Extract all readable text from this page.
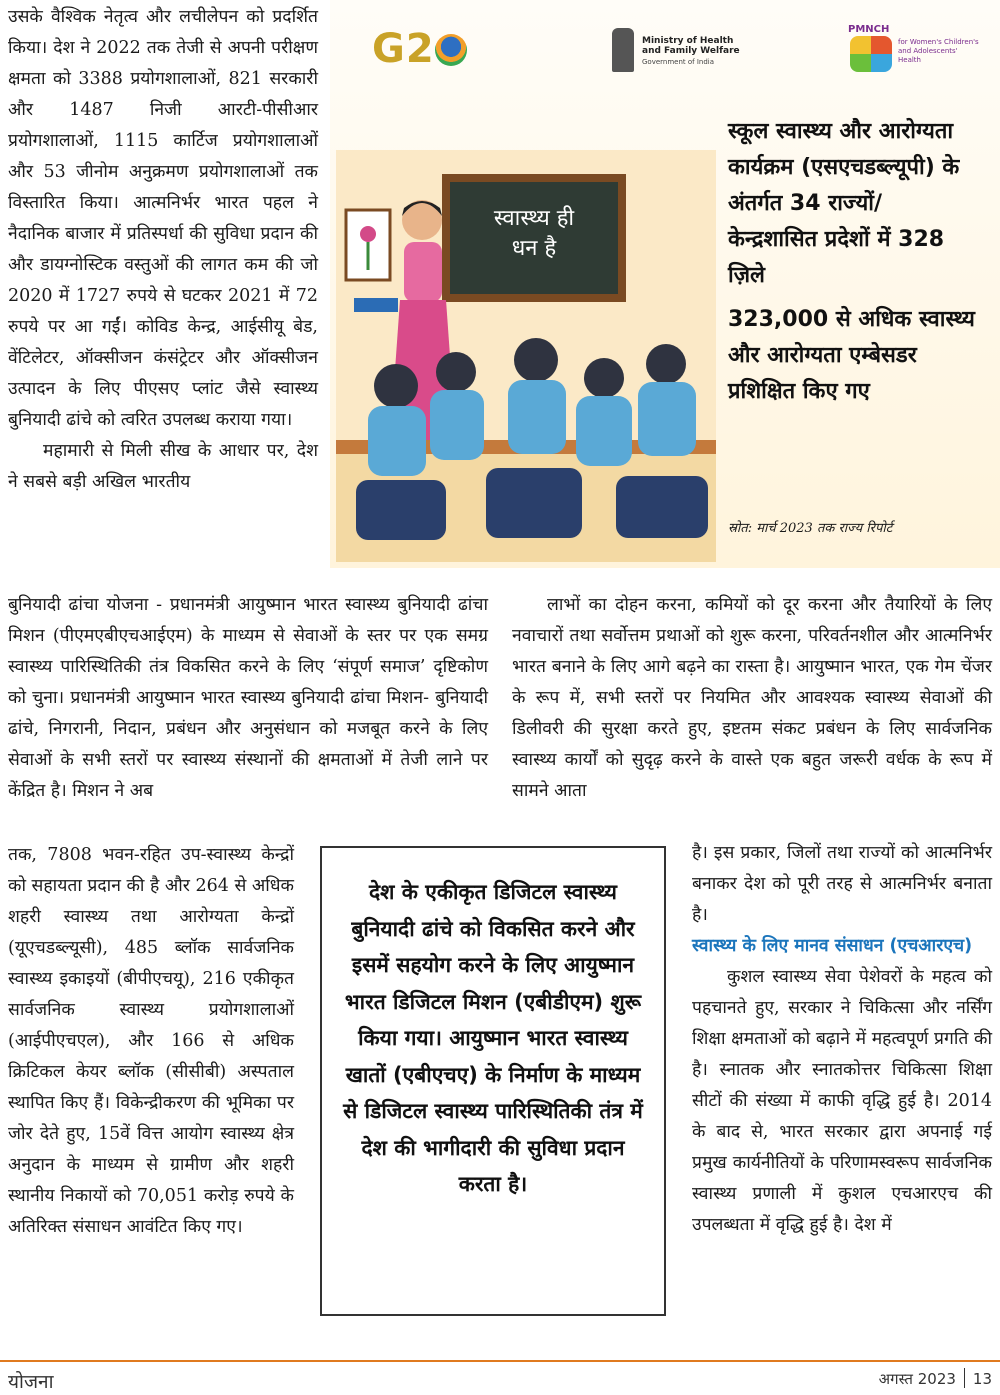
उसके वैश्विक नेतृत्व और लचीलेपन को प्रदर्शित किया। देश ने 2022 तक तेजी से अपनी परीक्षण क्षमता को 3388 प्रयोगशालाओं, 821 सरकारी और 1487 निजी आरटी-पीसीआर प्रयोगशालाओं, 1115 कार्टिज प्रयोगशालाओं और 53 जीनोम अनुक्रमण प्रयोगशालाओं तक विस्तारित किया। आत्मनिर्भर भारत पहल ने नैदानिक बाजार में प्रतिस्पर्धा की सुविधा प्रदान की और डायग्नोस्टिक वस्तुओं की लागत कम की जो 2020 में 1727 रुपये से घटकर 2021 में 72 रुपये पर आ गईं। कोविड केन्द्र, आईसीयू बेड, वेंटिलेटर, ऑक्सीजन कंसंट्रेटर और ऑक्सीजन उत्पादन के लिए पीएसए प्लांट जैसे स्वास्थ्य बुनियादी ढांचे को त्वरित उपलब्ध कराया गया।

महामारी से मिली सीख के आधार पर, देश ने सबसे बड़ी अखिल भारतीय

G2	Ministry of Health and Family Welfare
Government of India
PMNCH
for Women's Children's and Adolescents' Health
स्वास्थ्य ही
धन है

स्कूल स्वास्थ्य और आरोग्यता कार्यक्रम (एसएचडब्ल्यूपी) के अंतर्गत 34 राज्यों/ केन्द्रशासित प्रदेशों में 328 ज़िले

323,000 से अधिक स्वास्थ्य और आरोग्यता एम्बेसडर प्रशिक्षित किए गए

स्रोत: मार्च 2023 तक राज्य रिपोर्ट

बुनियादी ढांचा योजना - प्रधानमंत्री आयुष्मान भारत स्वास्थ्य बुनियादी ढांचा मिशन (पीएमएबीएचआईएम) के माध्यम से सेवाओं के स्तर पर एक समग्र स्वास्थ्य पारिस्थितिकी तंत्र विकसित करने के लिए ‘संपूर्ण समाज’ दृष्टिकोण को चुना। प्रधानमंत्री आयुष्मान भारत स्वास्थ्य बुनियादी ढांचा मिशन- बुनियादी ढांचे, निगरानी, निदान, प्रबंधन और अनुसंधान को मजबूत करने के लिए सेवाओं के सभी स्तरों पर स्वास्थ्य संस्थानों की क्षमताओं में तेजी लाने पर केंद्रित है। मिशन ने अब

लाभों का दोहन करना, कमियों को दूर करना और तैयारियों के लिए नवाचारों तथा सर्वोत्तम प्रथाओं को शुरू करना, परिवर्तनशील और आत्मनिर्भर भारत बनाने के लिए आगे बढ़ने का रास्ता है। आयुष्मान भारत, एक गेम चेंजर के रूप में, सभी स्तरों पर नियमित और आवश्यक स्वास्थ्य सेवाओं की डिलीवरी की सुरक्षा करते हुए, इष्टतम संकट प्रबंधन के लिए सार्वजनिक स्वास्थ्य कार्यों को सुदृढ़ करने के वास्ते एक बहुत जरूरी वर्धक के रूप में सामने आता

तक, 7808 भवन-रहित उप-स्वास्थ्य केन्द्रों को सहायता प्रदान की है और 264 से अधिक शहरी स्वास्थ्य तथा आरोग्यता केन्द्रों (यूएचडब्ल्यूसी), 485 ब्लॉक सार्वजनिक स्वास्थ्य इकाइयों (बीपीएचयू), 216 एकीकृत सार्वजनिक स्वास्थ्य प्रयोगशालाओं (आईपीएचएल), और 166 से अधिक क्रिटिकल केयर ब्लॉक (सीसीबी) अस्पताल स्थापित किए हैं। विकेन्द्रीकरण की भूमिका पर जोर देते हुए, 15वें वित्त आयोग स्वास्थ्य क्षेत्र अनुदान के माध्यम से ग्रामीण और शहरी स्थानीय निकायों को 70,051 करोड़ रुपये के अतिरिक्त संसाधन आवंटित किए गए।

देश के एकीकृत डिजिटल स्वास्थ्य बुनियादी ढांचे को विकसित करने और इसमें सहयोग करने के लिए आयुष्मान भारत डिजिटल मिशन (एबीडीएम) शुरू किया गया। आयुष्मान भारत स्वास्थ्य खातों (एबीएचए) के निर्माण के माध्यम से डिजिटल स्वास्थ्य पारिस्थितिकी तंत्र में देश की भागीदारी की सुविधा प्रदान करता है।

है। इस प्रकार, जिलों तथा राज्यों को आत्मनिर्भर बनाकर देश को पूरी तरह से आत्मनिर्भर बनाता है।

स्वास्थ्य के लिए मानव संसाधन (एचआरएच)

कुशल स्वास्थ्य सेवा पेशेवरों के महत्व को पहचानते हुए, सरकार ने चिकित्सा और नर्सिंग शिक्षा क्षमताओं को बढ़ाने में महत्वपूर्ण प्रगति की है। स्नातक और स्नातकोत्तर चिकित्सा शिक्षा सीटों की संख्या में काफी वृद्धि हुई है। 2014 के बाद से, भारत सरकार द्वारा अपनाई गई प्रमुख कार्यनीतियों के परिणामस्वरूप सार्वजनिक स्वास्थ्य प्रणाली में कुशल एचआरएच की उपलब्धता में वृद्धि हुई है। देश में

योजना	अगस्त 2023 13
